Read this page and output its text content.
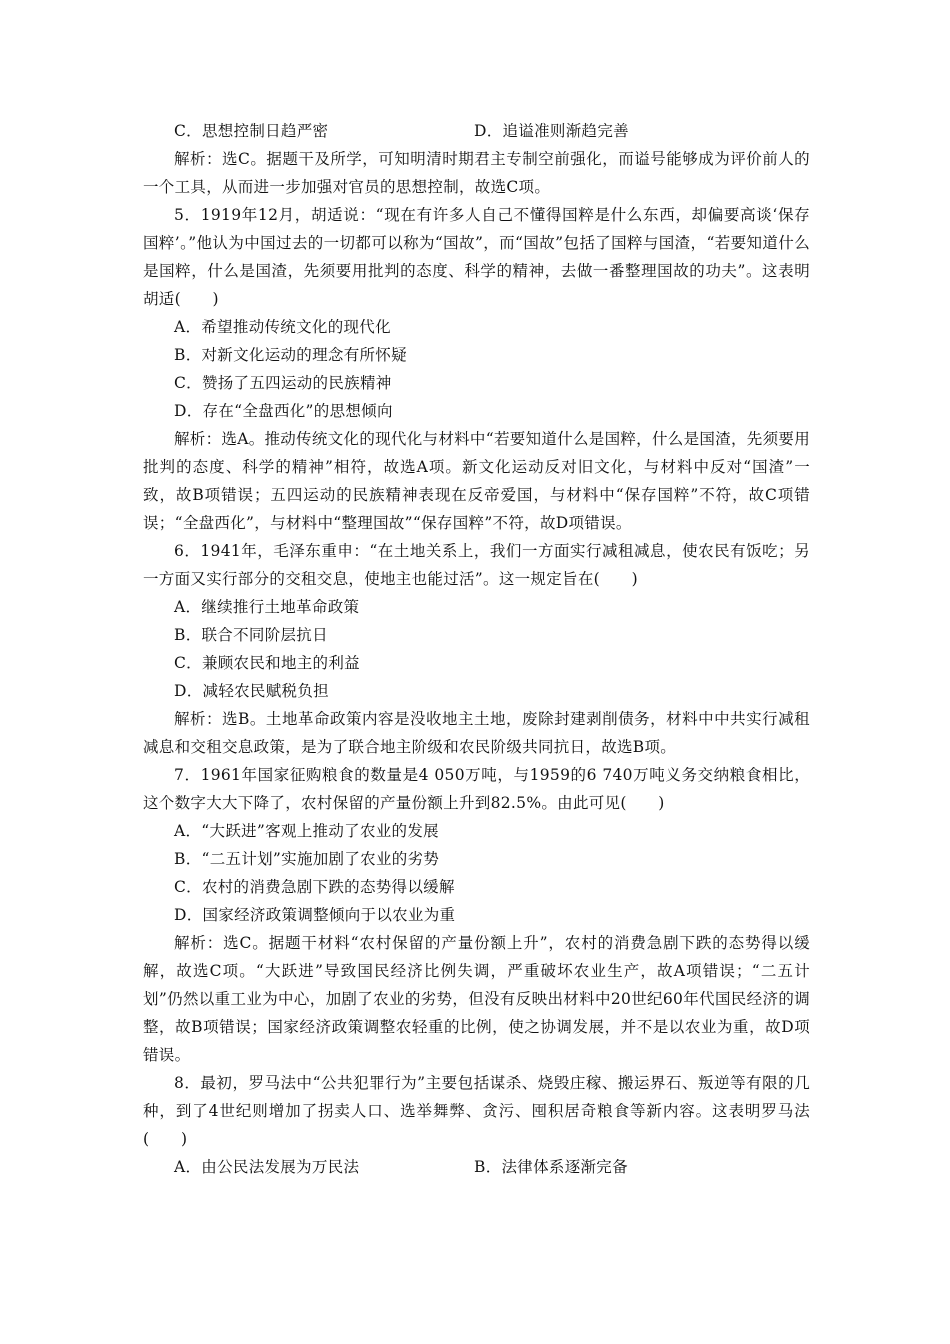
C．思想控制日趋严密	D．追谥准则渐趋完善

解析：选C。据题干及所学，可知明清时期君主专制空前强化，而谥号能够成为评价前人的一个工具，从而进一步加强对官员的思想控制，故选C项。

5．1919年12月，胡适说：“现在有许多人自己不懂得国粹是什么东西，却偏要高谈‘保存国粹’。”他认为中国过去的一切都可以称为“国故”，而“国故”包括了国粹与国渣，“若要知道什么是国粹，什么是国渣，先须要用批判的态度、科学的精神，去做一番整理国故的功夫”。这表明胡适(　　)

A．希望推动传统文化的现代化

B．对新文化运动的理念有所怀疑

C．赞扬了五四运动的民族精神

D．存在“全盘西化”的思想倾向

解析：选A。推动传统文化的现代化与材料中“若要知道什么是国粹，什么是国渣，先须要用批判的态度、科学的精神”相符，故选A项。新文化运动反对旧文化，与材料中反对“国渣”一致，故B项错误；五四运动的民族精神表现在反帝爱国，与材料中“保存国粹”不符，故C项错误；“全盘西化”，与材料中“整理国故”“保存国粹”不符，故D项错误。

6．1941年，毛泽东重申：“在土地关系上，我们一方面实行减租减息，使农民有饭吃；另一方面又实行部分的交租交息，使地主也能过活”。这一规定旨在(　　)

A．继续推行土地革命政策

B．联合不同阶层抗日

C．兼顾农民和地主的利益

D．减轻农民赋税负担

解析：选B。土地革命政策内容是没收地主土地，废除封建剥削债务，材料中中共实行减租减息和交租交息政策，是为了联合地主阶级和农民阶级共同抗日，故选B项。

7．1961年国家征购粮食的数量是4 050万吨，与1959的6 740万吨义务交纳粮食相比，这个数字大大下降了，农村保留的产量份额上升到82.5%。由此可见(　　)

A．“大跃进”客观上推动了农业的发展

B．“二五计划”实施加剧了农业的劣势

C．农村的消费急剧下跌的态势得以缓解

D．国家经济政策调整倾向于以农业为重

解析：选C。据题干材料“农村保留的产量份额上升”，农村的消费急剧下跌的态势得以缓解，故选C项。“大跃进”导致国民经济比例失调，严重破坏农业生产，故A项错误；“二五计划”仍然以重工业为中心，加剧了农业的劣势，但没有反映出材料中20世纪60年代国民经济的调整，故B项错误；国家经济政策调整农轻重的比例，使之协调发展，并不是以农业为重，故D项错误。

8．最初，罗马法中“公共犯罪行为”主要包括谋杀、烧毁庄稼、搬运界石、叛逆等有限的几种，到了4世纪则增加了拐卖人口、选举舞弊、贪污、囤积居奇粮食等新内容。这表明罗马法(　　)

A．由公民法发展为万民法	B．法律体系逐渐完备
